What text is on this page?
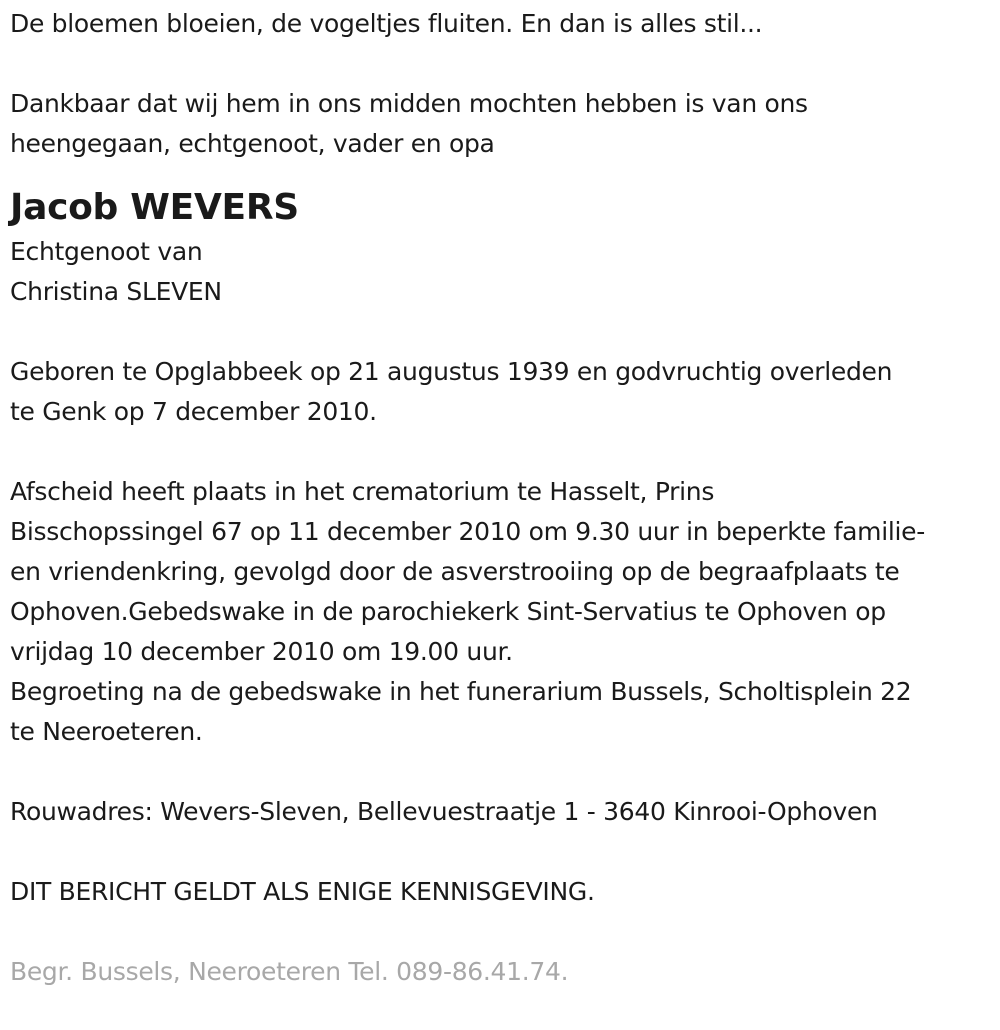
De bloemen bloeien, de vogeltjes fluiten. En dan is alles stil...

Dankbaar dat wij hem in ons midden mochten hebben is van ons

heengegaan, echtgenoot, vader en opa

Jacob WEVERS

Echtgenoot van

Christina SLEVEN

Geboren te Opglabbeek op 21 augustus 1939 en godvruchtig overleden

te Genk op 7 december 2010.

Afscheid heeft plaats in het crematorium te Hasselt, Prins

Bisschopssingel 67 op 11 december 2010 om 9.30 uur in beperkte familie-

en vriendenkring, gevolgd door de asverstrooiing op de begraafplaats te

Ophoven.Gebedswake in de parochiekerk Sint-Servatius te Ophoven op

vrijdag 10 december 2010 om 19.00 uur.

Begroeting na de gebedswake in het funerarium Bussels, Scholtisplein 22

te Neeroeteren.

Rouwadres: Wevers-Sleven, Bellevuestraatje 1 - 3640 Kinrooi-Ophoven

DIT BERICHT GELDT ALS ENIGE KENNISGEVING.

Begr. Bussels, Neeroeteren Tel. 089-86.41.74.
